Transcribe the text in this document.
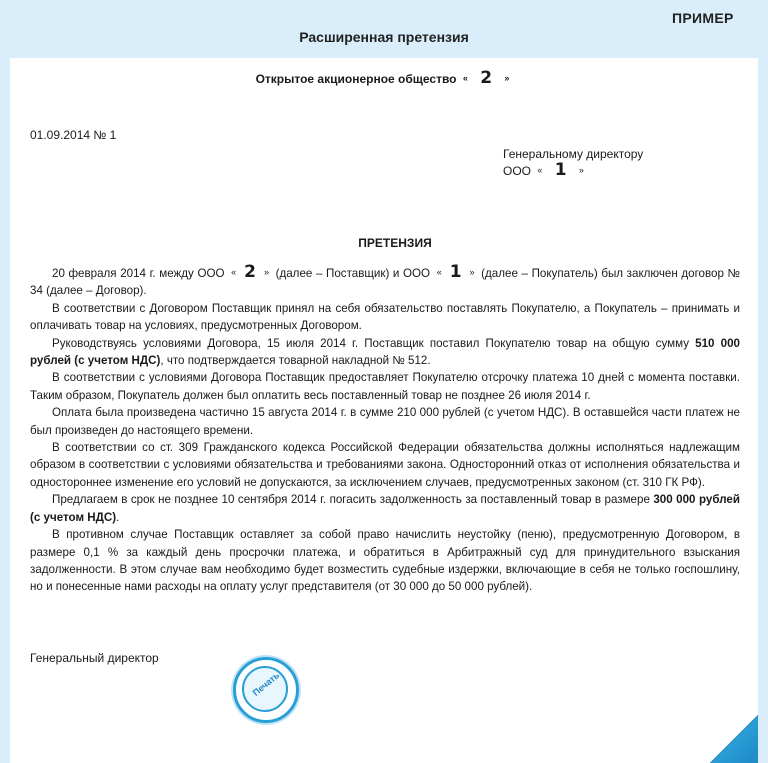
ПРИМЕР
Расширенная претензия
Открытое акционерное общество « 2 »
01.09.2014 № 1
Генеральному директору
ООО « 1 »
ПРЕТЕНЗИЯ

20 февраля 2014 г. между ООО « 2 » (далее – Поставщик) и ООО « 1 » (далее – Покупатель) был заключен договор № 34 (далее – Договор).

В соответствии с Договором Поставщик принял на себя обязательство поставлять Покупателю, а Покупатель – принимать и оплачивать товар на условиях, предусмотренных Договором.

Руководствуясь условиями Договора, 15 июля 2014 г. Поставщик поставил Покупателю товар на общую сумму 510 000 рублей (с учетом НДС), что подтверждается товарной накладной № 512.

В соответствии с условиями Договора Поставщик предоставляет Покупателю отсрочку платежа 10 дней с момента поставки. Таким образом, Покупатель должен был оплатить весь поставленный товар не позднее 26 июля 2014 г.

Оплата была произведена частично 15 августа 2014 г. в сумме 210 000 рублей (с учетом НДС). В оставшейся части платеж не был произведен до настоящего времени.

В соответствии со ст. 309 Гражданского кодекса Российской Федерации обязательства должны исполняться надлежащим образом в соответствии с условиями обязательства и требованиями закона. Односторонний отказ от исполнения обязательства и одностороннее изменение его условий не допускаются, за исключением случаев, предусмотренных законом (ст. 310 ГК РФ).

Предлагаем в срок не позднее 10 сентября 2014 г. погасить задолженность за поставленный товар в размере 300 000 рублей (с учетом НДС).

В противном случае Поставщик оставляет за собой право начислить неустойку (пеню), предусмотренную Договором, в размере 0,1 % за каждый день просрочки платежа, и обратиться в Арбитражный суд для принудительного взыскания задолженности. В этом случае вам необходимо будет возместить судебные издержки, включающие в себя не только госпошлину, но и понесенные нами расходы на оплату услуг представителя (от 30 000 до 50 000 рублей).

Генеральный директор
Печать
